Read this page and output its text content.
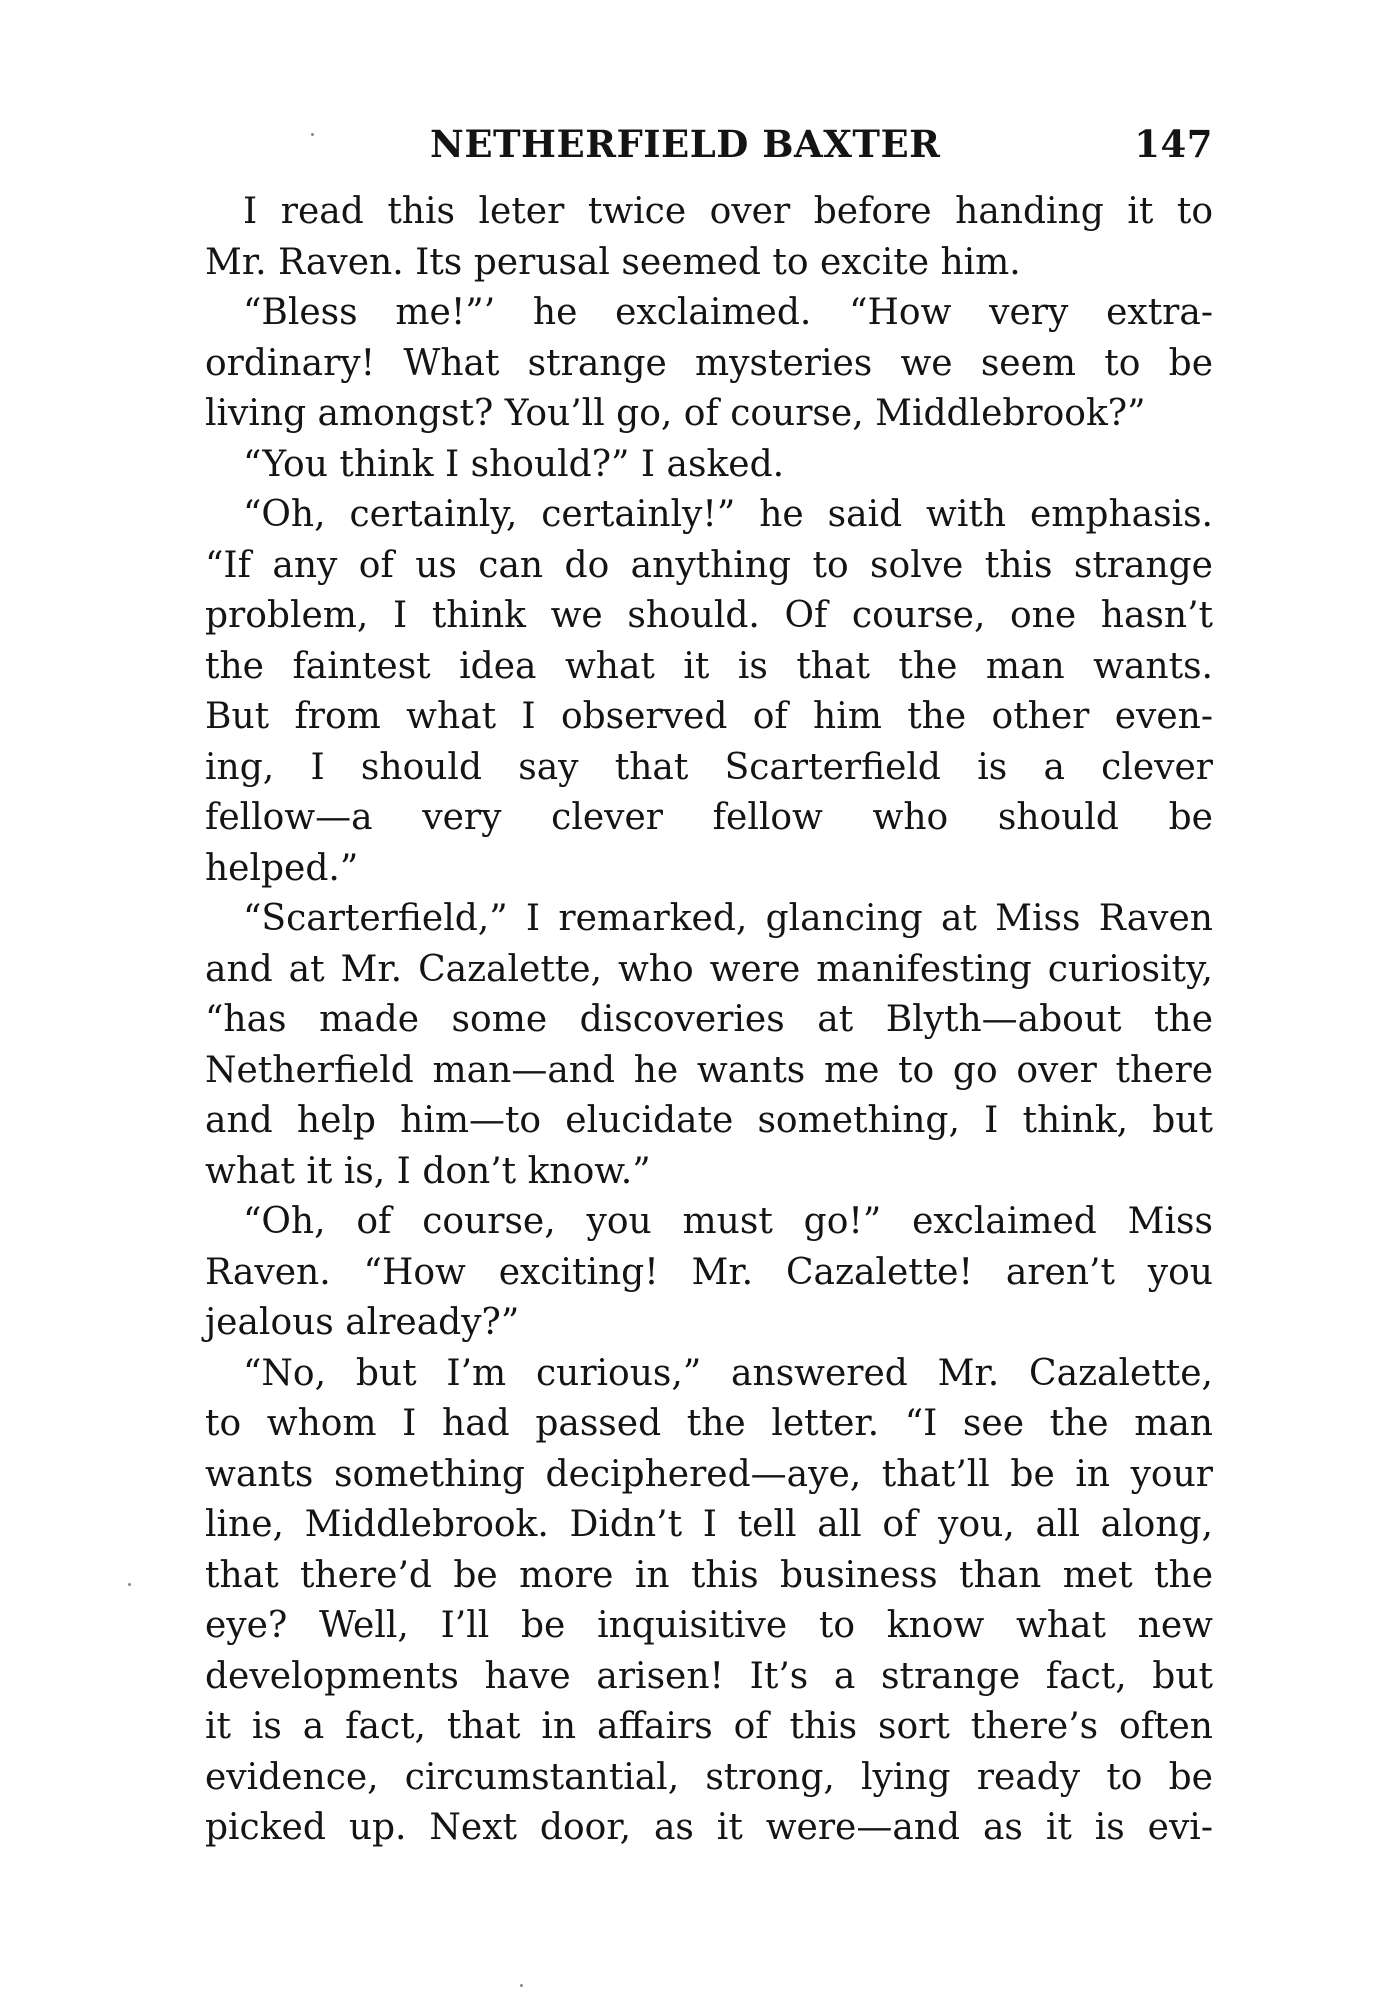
NETHERFIELD BAXTER	147
I read this leter twice over before handing it to
Mr. Raven. Its perusal seemed to excite him.
“Bless me!”’ he exclaimed. “How very extra-
ordinary! What strange mysteries we seem to be
living amongst? You’ll go, of course, Middlebrook?”
“You think I should?” I asked.
“Oh, certainly, certainly!” he said with emphasis.
“If any of us can do anything to solve this strange
problem, I think we should. Of course, one hasn’t
the faintest idea what it is that the man wants.
But from what I observed of him the other even-
ing, I should say that Scarterfield is a clever
fellow—a very clever fellow who should be
helped.”
“Scarterfield,” I remarked, glancing at Miss Raven
and at Mr. Cazalette, who were manifesting curiosity,
“has made some discoveries at Blyth—about the
Netherfield man—and he wants me to go over there
and help him—to elucidate something, I think, but
what it is, I don’t know.”
“Oh, of course, you must go!” exclaimed Miss
Raven. “How exciting! Mr. Cazalette! aren’t you
jealous already?”
“No, but I’m curious,” answered Mr. Cazalette,
to whom I had passed the letter. “I see the man
wants something deciphered—aye, that’ll be in your
line, Middlebrook. Didn’t I tell all of you, all along,
that there’d be more in this business than met the
eye? Well, I’ll be inquisitive to know what new
developments have arisen! It’s a strange fact, but
it is a fact, that in affairs of this sort there’s often
evidence, circumstantial, strong, lying ready to be
picked up. Next door, as it were—and as it is evi-
